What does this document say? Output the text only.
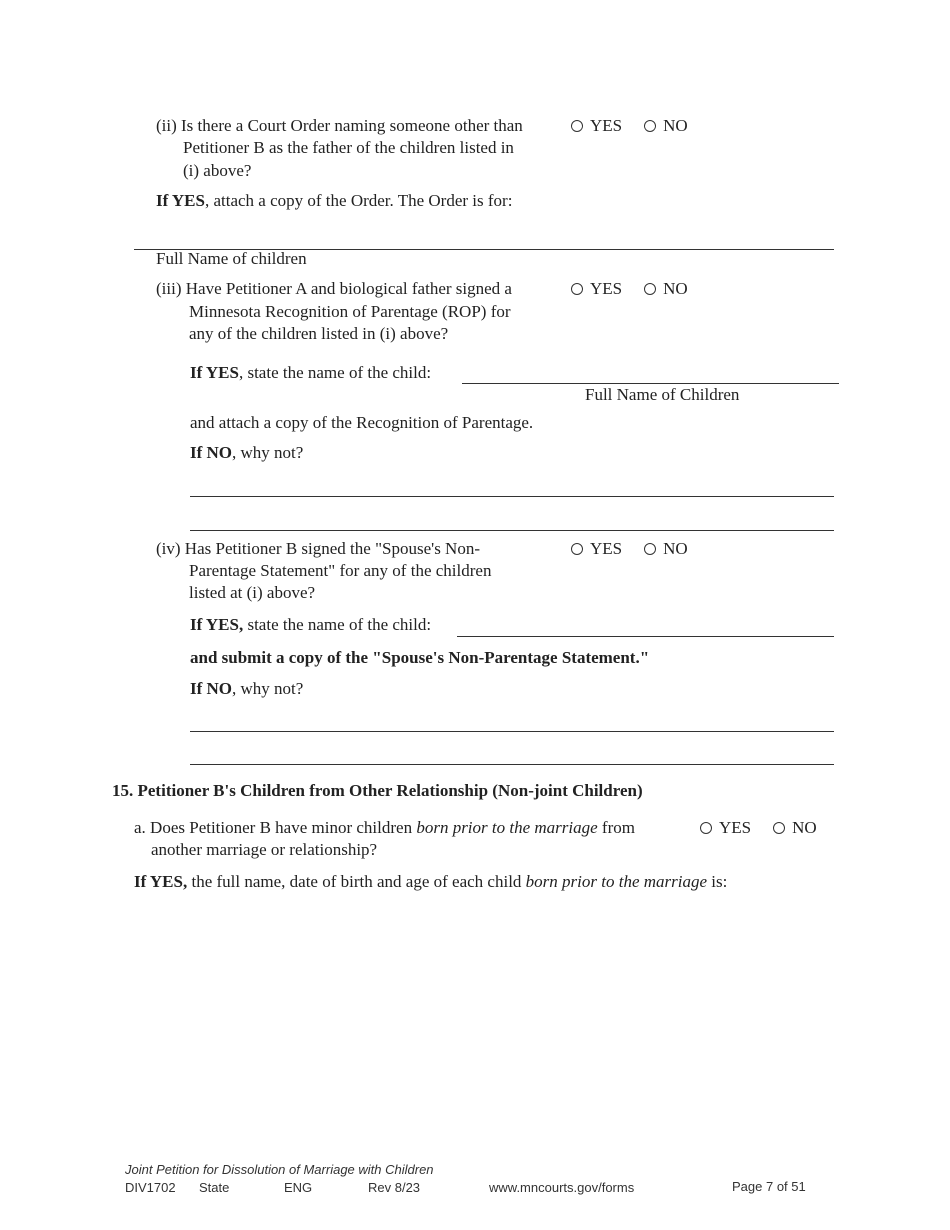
(ii) Is there a Court Order naming someone other than
Petitioner B as the father of the children listed in
(i) above?
YES NO
If YES, attach a copy of the Order. The Order is for:
Full Name of children
(iii) Have Petitioner A and biological father signed a
Minnesota Recognition of Parentage (ROP) for
any of the children listed in (i) above?
YES NO
If YES, state the name of the child:
Full Name of Children
and attach a copy of the Recognition of Parentage.
If NO, why not?
(iv) Has Petitioner B signed the "Spouse's Non-
Parentage Statement" for any of the children
listed at (i) above?
YES NO
If YES, state the name of the child:
and submit a copy of the "Spouse's Non-Parentage Statement."
If NO, why not?
15. Petitioner B's Children from Other Relationship (Non-joint Children)
a. Does Petitioner B have minor children born prior to the marriage from
another marriage or relationship?
YES NO
If YES, the full name, date of birth and age of each child born prior to the marriage is:
Joint Petition for Dissolution of Marriage with Children
DIV1702 State	ENG	Rev 8/23	www.mncourts.gov/forms	Page 7 of 51
